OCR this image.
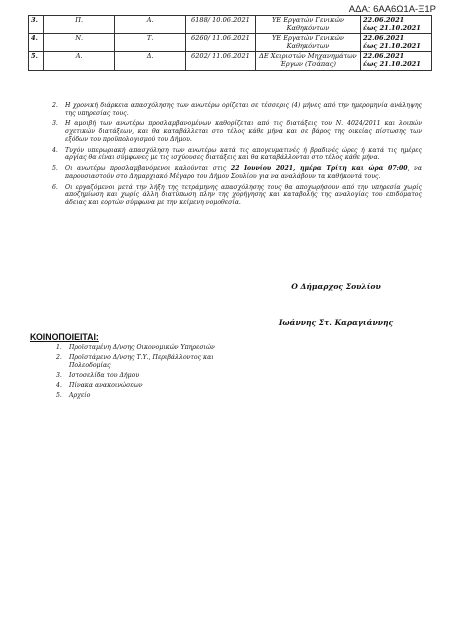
ΑΔΑ: 6ΑΑ6Ω1Α-Ξ1Ρ
3.	Π.	Α.	6188/ 10.06.2021	ΥΕ Εργατών Γενικών Καθηκόντων	22.06.2021
έως 21.10.2021

4.	Ν.	Τ.	6260/ 11.06.2021	ΥΕ Εργατών Γενικών Καθηκόντων	22.06.2021
έως 21.10.2021

5.	Α.	Δ.	6202/ 11.06.2021	ΔΕ Χειριστών Μηχανημάτων Έργων (Τσάπας)	22.06.2021
έως 21.10.2021
2. Η χρονική διάρκεια απασχόλησης των ανωτέρω ορίζεται σε τέσσερις (4) μήνες από την ημερομηνία ανάληψης της υπηρεσίας τους.
3. Η αμοιβή των ανωτέρω προσλαμβανομένων καθορίζεται από τις διατάξεις του Ν. 4024/2011 και λοιπών σχετικών διατάξεων, και θα καταβάλλεται στο τέλος κάθε μήνα και σε βάρος της οικείας πίστωσης των εξόδων του προϋπολογισμού του Δήμου.
4. Τυχόν υπερωριακή απασχόληση των ανωτέρω κατά τις απογευματινές ή βραδινές ώρες ή κατά τις ημέρες αργίας θα είναι σύμφωνες με τις ισχύουσες διατάξεις και θα καταβάλλονται στο τέλος κάθε μήνα.
5. Οι ανωτέρω προσλαμβανόμενοι καλούνται στις 22 Ιουνίου 2021, ημέρα Τρίτη και ώρα 07:00, να παρουσιαστούν στο Δημαρχιακό Μέγαρο του Δήμου Σουλίου για να αναλάβουν τα καθήκοντά τους.
6. Οι εργαζόμενοι μετά την λήξη της τετράμηνης απασχόλησης τους θα αποχωρήσουν από την υπηρεσία χωρίς αποζημίωση και χωρίς άλλη διατύπωση πλην της χορήγησης και καταβολής της αναλογίας του επιδόματος άδειας και εορτών σύμφωνα με την κείμενη νομοθεσία.
Ο Δήμαρχος Σουλίου
Ιωάννης Στ. Καραγιάννης
ΚΟΙΝΟΠΟΙΕΙΤΑΙ:
1. Προϊσταμένη Δ/νσης Οικονομικών Υπηρεσιών
2. Προϊστάμενο Δ/νσης Τ.Υ., Περιβάλλοντος και Πολεοδομίας
3. Ιστοσελίδα του Δήμου
4. Πίνακα ανακοινώσεων
5. Αρχείο
